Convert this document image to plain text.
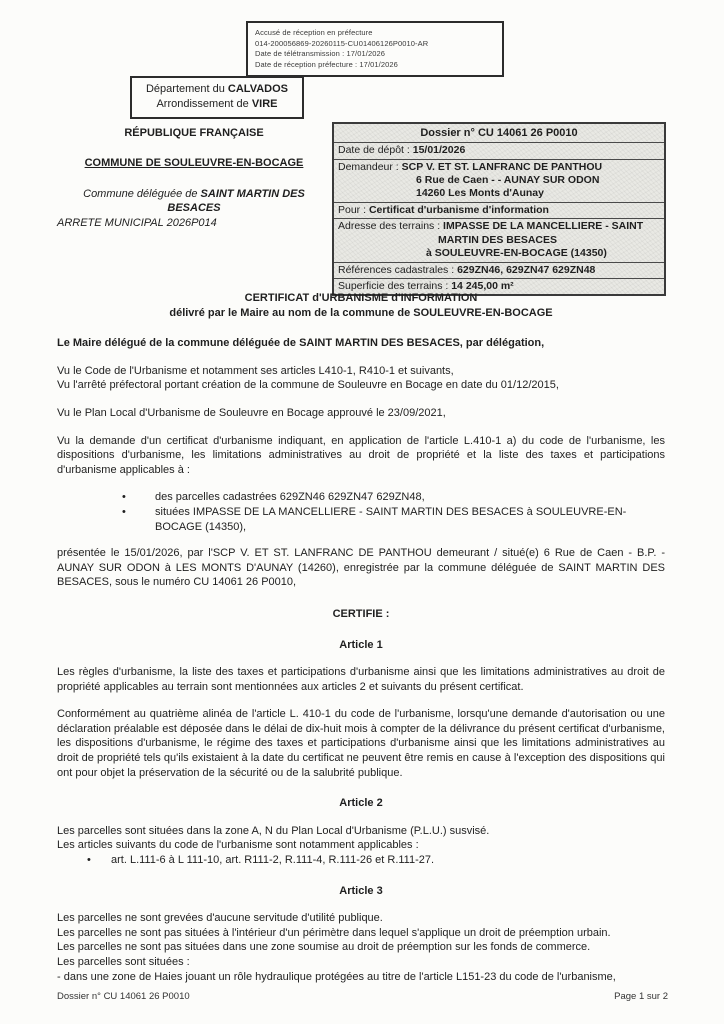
Accusé de réception en préfecture
014-200056869-20260115-CU01406126P0010-AR
Date de télétransmission : 17/01/2026
Date de réception préfecture : 17/01/2026
Département du CALVADOS
Arrondissement de VIRE
RÉPUBLIQUE FRANÇAISE
COMMUNE DE SOULEUVRE-EN-BOCAGE
Commune déléguée de SAINT MARTIN DES BESACES
ARRETE MUNICIPAL 2026P014
Dossier n° CU 14061 26 P0010
Date de dépôt : 15/01/2026
Demandeur : SCP V. ET ST. LANFRANC DE PANTHOU
6 Rue de Caen - - AUNAY SUR ODON
14260 Les Monts d'Aunay
Pour : Certificat d'urbanisme d'information
Adresse des terrains : IMPASSE DE LA MANCELLIERE - SAINT
MARTIN DES BESACES
à SOULEUVRE-EN-BOCAGE (14350)
Références cadastrales : 629ZN46, 629ZN47 629ZN48
Superficie des terrains : 14 245,00 m²
CERTIFICAT d'URBANISME d'INFORMATION
délivré par le Maire au nom de la commune de SOULEUVRE-EN-BOCAGE
Le Maire délégué de la commune déléguée de SAINT MARTIN DES BESACES, par délégation,
Vu le Code de l'Urbanisme et notamment ses articles L410-1, R410-1 et suivants,
Vu l'arrêté préfectoral portant création de la commune de Souleuvre en Bocage en date du 01/12/2015,
Vu le Plan Local d'Urbanisme de Souleuvre en Bocage approuvé le 23/09/2021,
Vu la demande d'un certificat d'urbanisme indiquant, en application de l'article L.410-1 a) du code de l'urbanisme, les dispositions d'urbanisme, les limitations administratives au droit de propriété et la liste des taxes et participations d'urbanisme applicables à :
•	des parcelles cadastrées 629ZN46 629ZN47 629ZN48,
•	situées IMPASSE DE LA MANCELLIERE - SAINT MARTIN DES BESACES à SOULEUVRE-EN-BOCAGE (14350),
présentée le 15/01/2026, par l'SCP V. ET ST. LANFRANC DE PANTHOU demeurant / situé(e) 6 Rue de Caen - B.P. - AUNAY SUR ODON à LES MONTS D'AUNAY (14260), enregistrée par la commune déléguée de SAINT MARTIN DES BESACES, sous le numéro CU 14061 26 P0010,
CERTIFIE :
Article 1
Les règles d'urbanisme, la liste des taxes et participations d'urbanisme ainsi que les limitations administratives au droit de propriété applicables au terrain sont mentionnées aux articles 2 et suivants du présent certificat.
Conformément au quatrième alinéa de l'article L. 410-1 du code de l'urbanisme, lorsqu'une demande d'autorisation ou une déclaration préalable est déposée dans le délai de dix-huit mois à compter de la délivrance du présent certificat d'urbanisme, les dispositions d'urbanisme, le régime des taxes et participations d'urbanisme ainsi que les limitations administratives au droit de propriété tels qu'ils existaient à la date du certificat ne peuvent être remis en cause à l'exception des dispositions qui ont pour objet la préservation de la sécurité ou de la salubrité publique.
Article 2
Les parcelles sont situées dans la zone A, N du Plan Local d'Urbanisme (P.L.U.) susvisé.
Les articles suivants du code de l'urbanisme sont notamment applicables :
•	art. L.111-6 à L 111-10, art. R111-2, R.111-4, R.111-26 et R.111-27.
Article 3
Les parcelles ne sont grevées d'aucune servitude d'utilité publique.
Les parcelles ne sont pas situées à l'intérieur d'un périmètre dans lequel s'applique un droit de préemption urbain.
Les parcelles ne sont pas situées dans une zone soumise au droit de préemption sur les fonds de commerce.
Les parcelles sont situées :
- dans une zone de Haies jouant un rôle hydraulique protégées au titre de l'article L151-23 du code de l'urbanisme,
Dossier n° CU 14061 26 P0010	Page 1 sur 2
